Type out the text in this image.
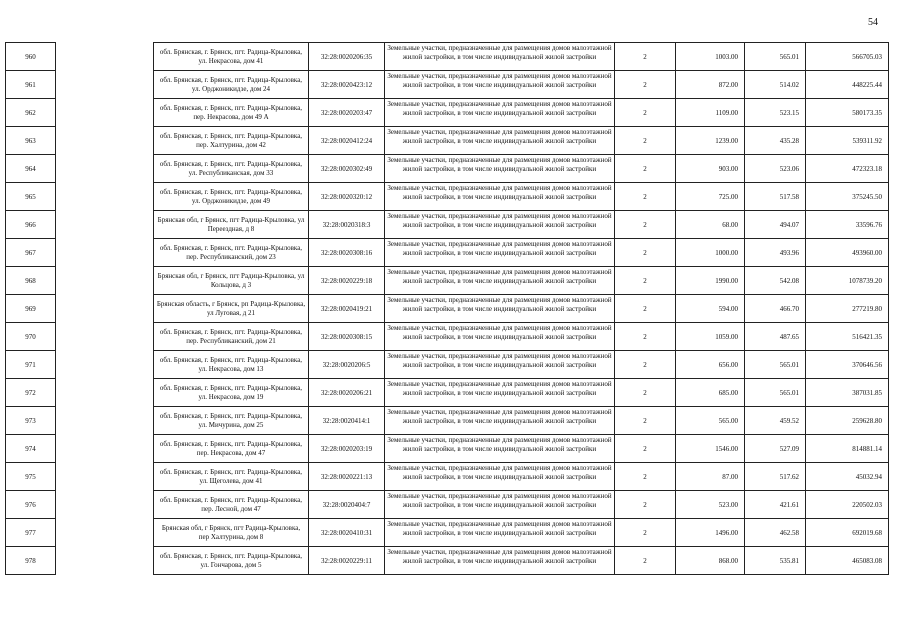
54
960		обл. Брянская, г. Брянск, пгт. Радица-Крыловка, ул. Некрасова, дом 41	32:28:0020206:35	Земельные участки, предназначенные для размещения домов малоэтажной жилой застройки, в том числе индивидуальной жилой застройки	2	1003.00	565.01	566705.03
961		обл. Брянская, г. Брянск, пгт. Радица-Крыловка, ул. Орджоникидзе, дом 24	32:28:0020423:12	Земельные участки, предназначенные для размещения домов малоэтажной жилой застройки, в том числе индивидуальной жилой застройки	2	872.00	514.02	448225.44
962		обл. Брянская, г. Брянск, пгт. Радица-Крыловка, пер. Некрасова, дом 49 А	32:28:0020203:47	Земельные участки, предназначенные для размещения домов малоэтажной жилой застройки, в том числе индивидуальной жилой застройки	2	1109.00	523.15	580173.35
963		обл. Брянская, г. Брянск, пгт. Радица-Крыловка, пер. Халтурина, дом 42	32:28:0020412:24	Земельные участки, предназначенные для размещения домов малоэтажной жилой застройки, в том числе индивидуальной жилой застройки	2	1239.00	435.28	539311.92
964		обл. Брянская, г. Брянск, пгт. Радица-Крыловка, ул. Республиканская, дом 33	32:28:0020302:49	Земельные участки, предназначенные для размещения домов малоэтажной жилой застройки, в том числе индивидуальной жилой застройки	2	903.00	523.06	472323.18
965		обл. Брянская, г. Брянск, пгт. Радица-Крыловка, ул. Орджоникидзе, дом 49	32:28:0020320:12	Земельные участки, предназначенные для размещения домов малоэтажной жилой застройки, в том числе индивидуальной жилой застройки	2	725.00	517.58	375245.50
966		Брянская обл, г Брянск, пгт Радица-Крыловка, ул Переездная, д 8	32:28:0020318:3	Земельные участки, предназначенные для размещения домов малоэтажной жилой застройки, в том числе индивидуальной жилой застройки	2	68.00	494.07	33596.76
967		обл. Брянская, г. Брянск, пгт. Радица-Крыловка, пер. Республиканский, дом 23	32:28:0020308:16	Земельные участки, предназначенные для размещения домов малоэтажной жилой застройки, в том числе индивидуальной жилой застройки	2	1000.00	493.96	493960.00
968		Брянская обл, г Брянск, пгт Радица-Крыловка, ул Кольцова, д 3	32:28:0020229:18	Земельные участки, предназначенные для размещения домов малоэтажной жилой застройки, в том числе индивидуальной жилой застройки	2	1990.00	542.08	1078739.20
969		Брянская область, г Брянск, рп Радица-Крыловка, ул Луговая, д 21	32:28:0020419:21	Земельные участки, предназначенные для размещения домов малоэтажной жилой застройки, в том числе индивидуальной жилой застройки	2	594.00	466.70	277219.80
970		обл. Брянская, г. Брянск, пгт. Радица-Крыловка, пер. Республиканский, дом 21	32:28:0020308:15	Земельные участки, предназначенные для размещения домов малоэтажной жилой застройки, в том числе индивидуальной жилой застройки	2	1059.00	487.65	516421.35
971		обл. Брянская, г. Брянск, пгт. Радица-Крыловка, ул. Некрасова, дом 13	32:28:0020206:5	Земельные участки, предназначенные для размещения домов малоэтажной жилой застройки, в том числе индивидуальной жилой застройки	2	656.00	565.01	370646.56
972		обл. Брянская, г. Брянск, пгт. Радица-Крыловка, ул. Некрасова, дом 19	32:28:0020206:21	Земельные участки, предназначенные для размещения домов малоэтажной жилой застройки, в том числе индивидуальной жилой застройки	2	685.00	565.01	387031.85
973		обл. Брянская, г. Брянск, пгт. Радица-Крыловка, ул. Мичурина, дом 25	32:28:0020414:1	Земельные участки, предназначенные для размещения домов малоэтажной жилой застройки, в том числе индивидуальной жилой застройки	2	565.00	459.52	259628.80
974		обл. Брянская, г. Брянск, пгт. Радица-Крыловка, пер. Некрасова, дом 47	32:28:0020203:19	Земельные участки, предназначенные для размещения домов малоэтажной жилой застройки, в том числе индивидуальной жилой застройки	2	1546.00	527.09	814881.14
975		обл. Брянская, г. Брянск, пгт. Радица-Крыловка, ул. Щеголева, дом 41	32:28:0020221:13	Земельные участки, предназначенные для размещения домов малоэтажной жилой застройки, в том числе индивидуальной жилой застройки	2	87.00	517.62	45032.94
976		обл. Брянская, г. Брянск, пгт. Радица-Крыловка, пер. Лесной, дом 47	32:28:0020404:7	Земельные участки, предназначенные для размещения домов малоэтажной жилой застройки, в том числе индивидуальной жилой застройки	2	523.00	421.61	220502.03
977		Брянская обл, г Брянск, пгт Радица-Крыловка, пер Халтурина, дом 8	32:28:0020410:31	Земельные участки, предназначенные для размещения домов малоэтажной жилой застройки, в том числе индивидуальной жилой застройки	2	1496.00	462.58	692019.68
978		обл. Брянская, г. Брянск, пгт. Радица-Крыловка, ул. Гончарова, дом 5	32:28:0020229:11	Земельные участки, предназначенные для размещения домов малоэтажной жилой застройки, в том числе индивидуальной жилой застройки	2	868.00	535.81	465083.08
